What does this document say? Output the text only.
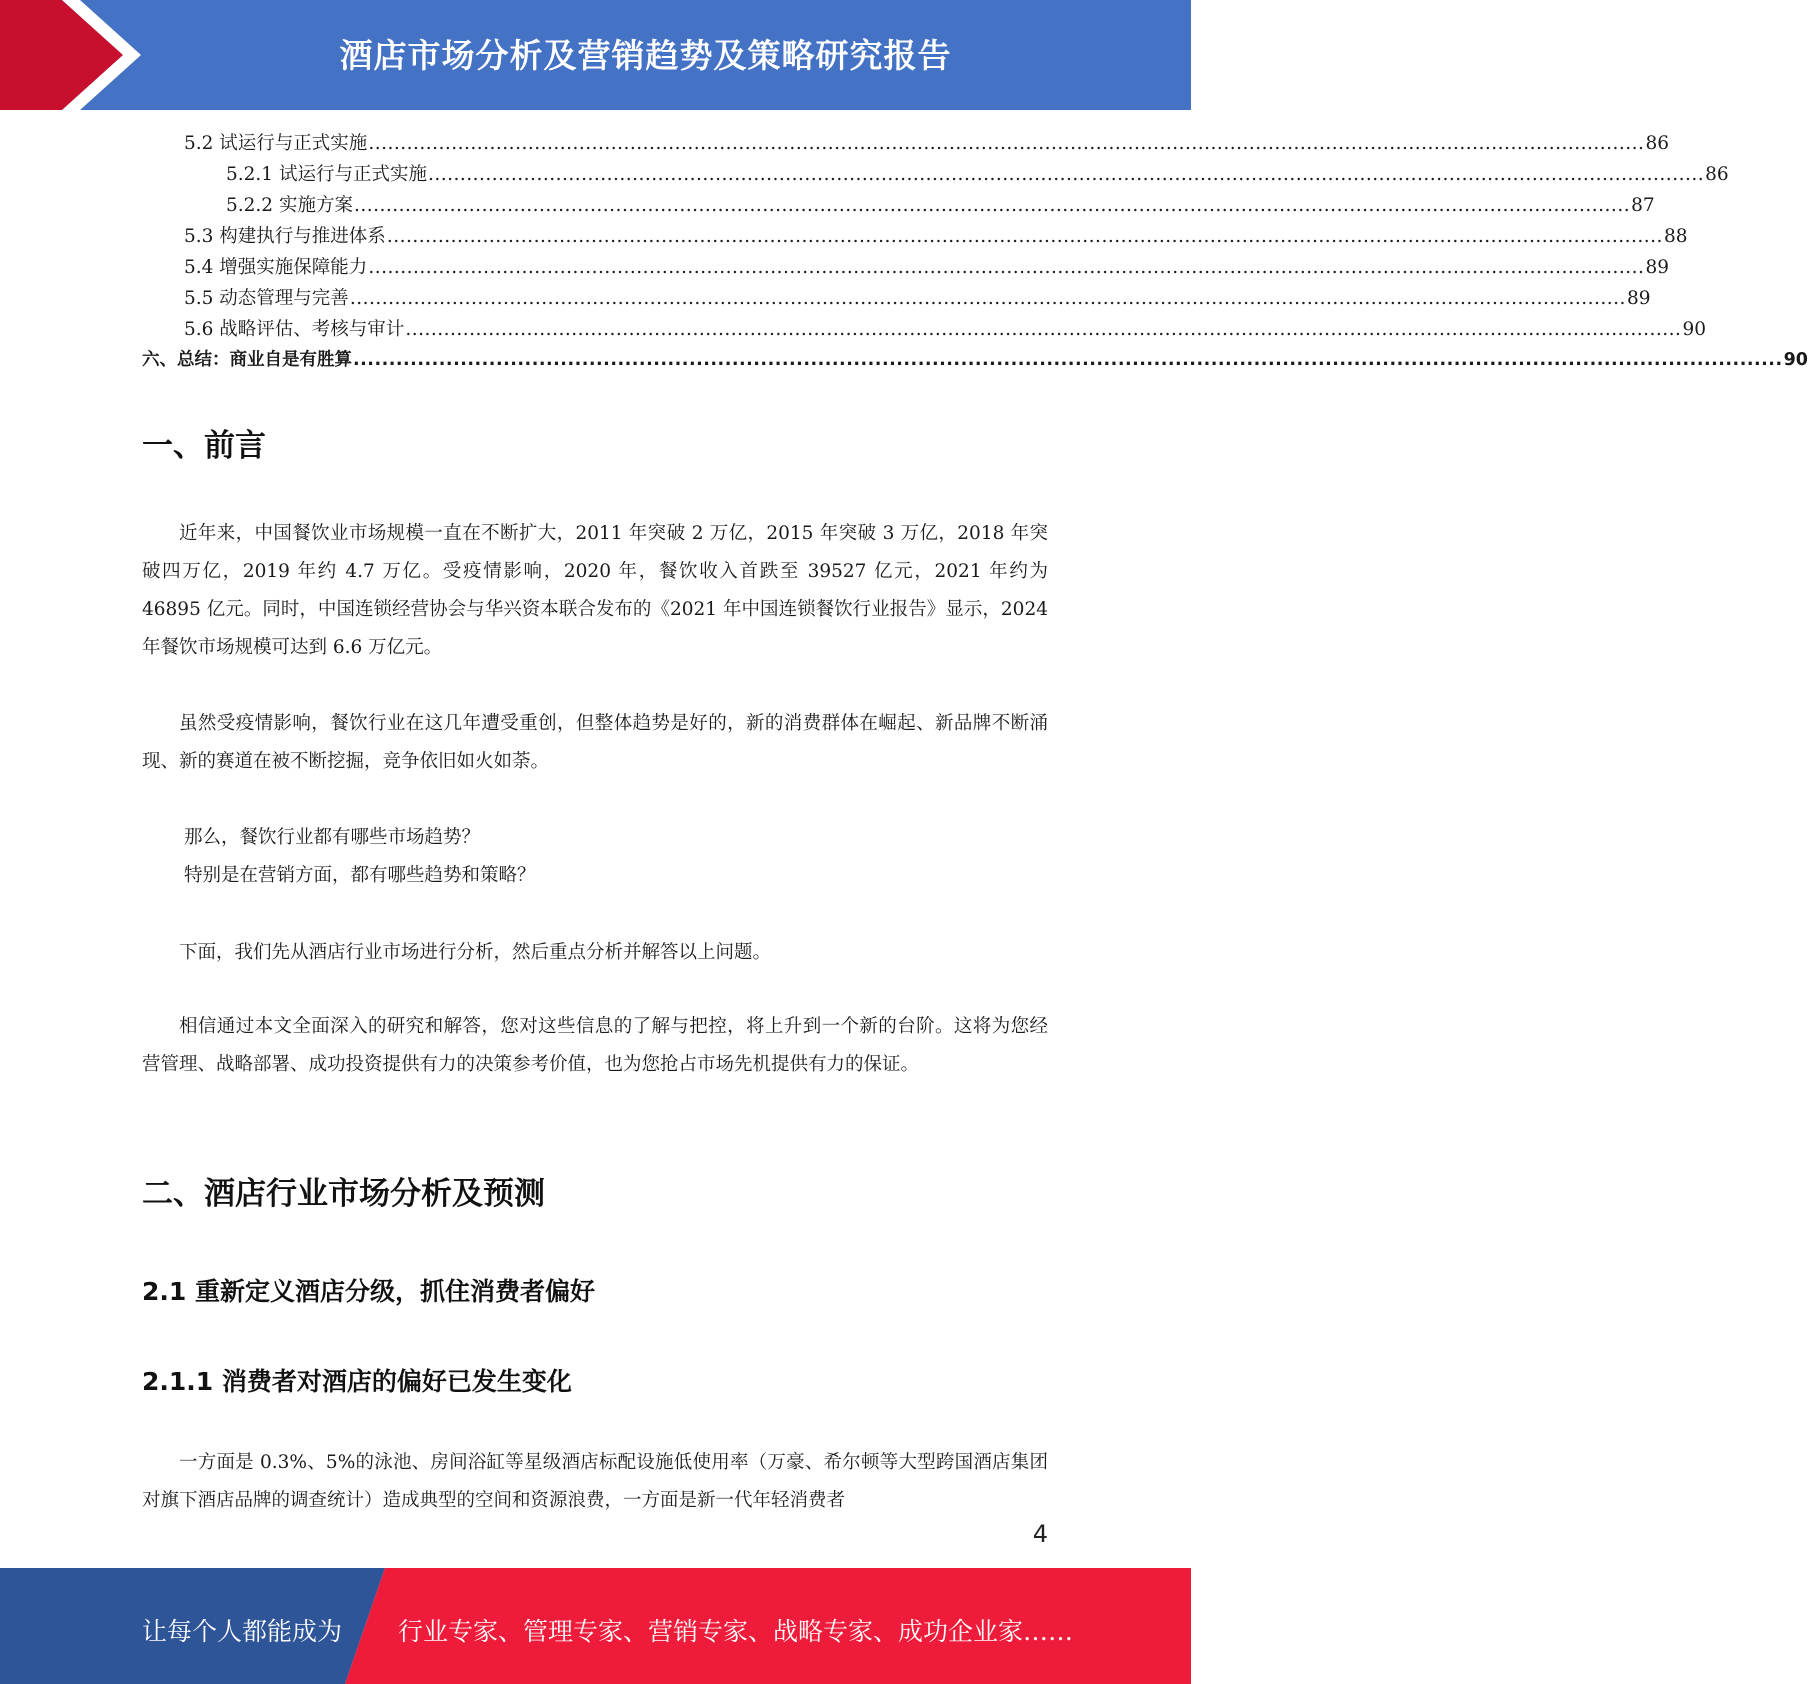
酒店市场分析及营销趋势及策略研究报告
5.2 试运行与正式实施 ........................................................................................................................................................................................................ 86
5.2.1 试运行与正式实施 ........................................................................................................................................................................................................ 86
5.2.2 实施方案 ........................................................................................................................................................................................................ 87
5.3 构建执行与推进体系 ........................................................................................................................................................................................................ 88
5.4 增强实施保障能力 ........................................................................................................................................................................................................ 89
5.5 动态管理与完善 ........................................................................................................................................................................................................ 89
5.6 战略评估、考核与审计 ........................................................................................................................................................................................................ 90
六、总结：商业自是有胜算 ........................................................................................................................................................................................................ 90
一、前言
近年来，中国餐饮业市场规模一直在不断扩大，2011 年突破 2 万亿，2015 年突破 3 万亿，2018 年突破四万亿，2019 年约 4.7 万亿。受疫情影响，2020 年，餐饮收入首跌至 39527 亿元，2021 年约为 46895 亿元。同时，中国连锁经营协会与华兴资本联合发布的《2021 年中国连锁餐饮行业报告》显示，2024 年餐饮市场规模可达到 6.6 万亿元。
虽然受疫情影响，餐饮行业在这几年遭受重创，但整体趋势是好的，新的消费群体在崛起、新品牌不断涌现、新的赛道在被不断挖掘，竞争依旧如火如荼。
那么，餐饮行业都有哪些市场趋势？
特别是在营销方面，都有哪些趋势和策略？
下面，我们先从酒店行业市场进行分析，然后重点分析并解答以上问题。
相信通过本文全面深入的研究和解答，您对这些信息的了解与把控，将上升到一个新的台阶。这将为您经营管理、战略部署、成功投资提供有力的决策参考价值，也为您抢占市场先机提供有力的保证。
二、酒店行业市场分析及预测
2.1 重新定义酒店分级，抓住消费者偏好
2.1.1 消费者对酒店的偏好已发生变化
一方面是 0.3%、5%的泳池、房间浴缸等星级酒店标配设施低使用率（万豪、希尔顿等大型跨国酒店集团对旗下酒店品牌的调查统计）造成典型的空间和资源浪费，一方面是新一代年轻消费者
4
让每个人都能成为 行业专家、管理专家、营销专家、战略专家、成功企业家……
